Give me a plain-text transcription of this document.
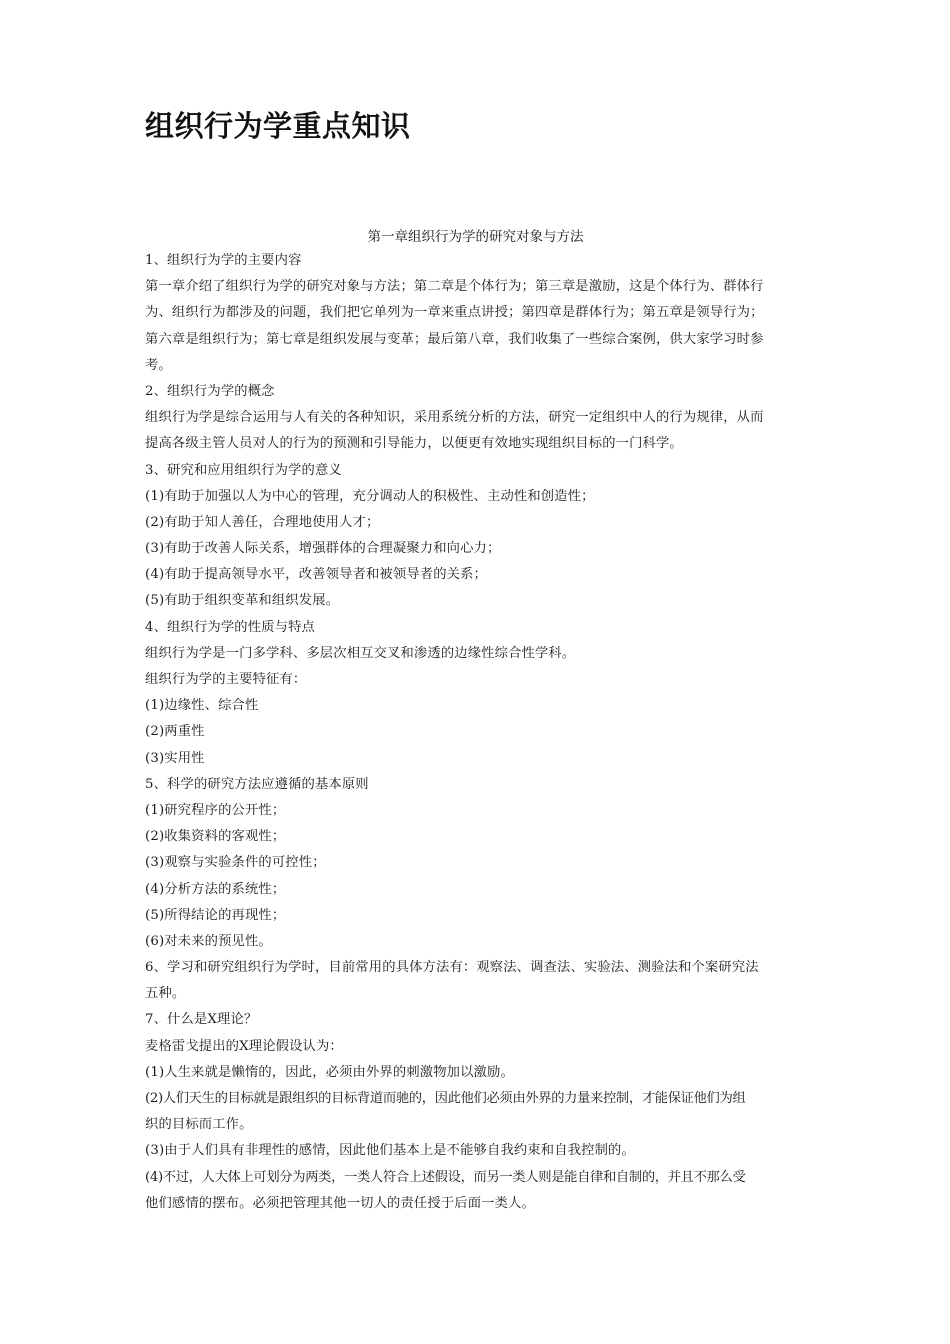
组织行为学重点知识
第一章组织行为学的研究对象与方法
1、组织行为学的主要内容
第一章介绍了组织行为学的研究对象与方法；第二章是个体行为；第三章是激励，这是个体行为、群体行
为、组织行为都涉及的问题，我们把它单列为一章来重点讲授；第四章是群体行为；第五章是领导行为；
第六章是组织行为；第七章是组织发展与变革；最后第八章，我们收集了一些综合案例，供大家学习时参
考。
2、组织行为学的概念
组织行为学是综合运用与人有关的各种知识，采用系统分析的方法，研究一定组织中人的行为规律，从而
提高各级主管人员对人的行为的预测和引导能力，以便更有效地实现组织目标的一门科学。
3、研究和应用组织行为学的意义
(1)有助于加强以人为中心的管理，充分调动人的积极性、主动性和创造性；
(2)有助于知人善任，合理地使用人才；
(3)有助于改善人际关系，增强群体的合理凝聚力和向心力；
(4)有助于提高领导水平，改善领导者和被领导者的关系；
(5)有助于组织变革和组织发展。
4、组织行为学的性质与特点
组织行为学是一门多学科、多层次相互交叉和渗透的边缘性综合性学科。
组织行为学的主要特征有：
(1)边缘性、综合性
(2)两重性
(3)实用性
5、科学的研究方法应遵循的基本原则
(1)研究程序的公开性；
(2)收集资料的客观性；
(3)观察与实验条件的可控性；
(4)分析方法的系统性；
(5)所得结论的再现性；
(6)对未来的预见性。
6、学习和研究组织行为学时，目前常用的具体方法有：观察法、调查法、实验法、测验法和个案研究法
五种。
7、什么是X理论？
麦格雷戈提出的X理论假设认为：
(1)人生来就是懒惰的，因此，必须由外界的刺激物加以激励。
(2)人们天生的目标就是跟组织的目标背道而驰的，因此他们必须由外界的力量来控制，才能保证他们为组
织的目标而工作。
(3)由于人们具有非理性的感情，因此他们基本上是不能够自我约束和自我控制的。
(4)不过，人大体上可划分为两类，一类人符合上述假设，而另一类人则是能自律和自制的，并且不那么受
他们感情的摆布。必须把管理其他一切人的责任授于后面一类人。
